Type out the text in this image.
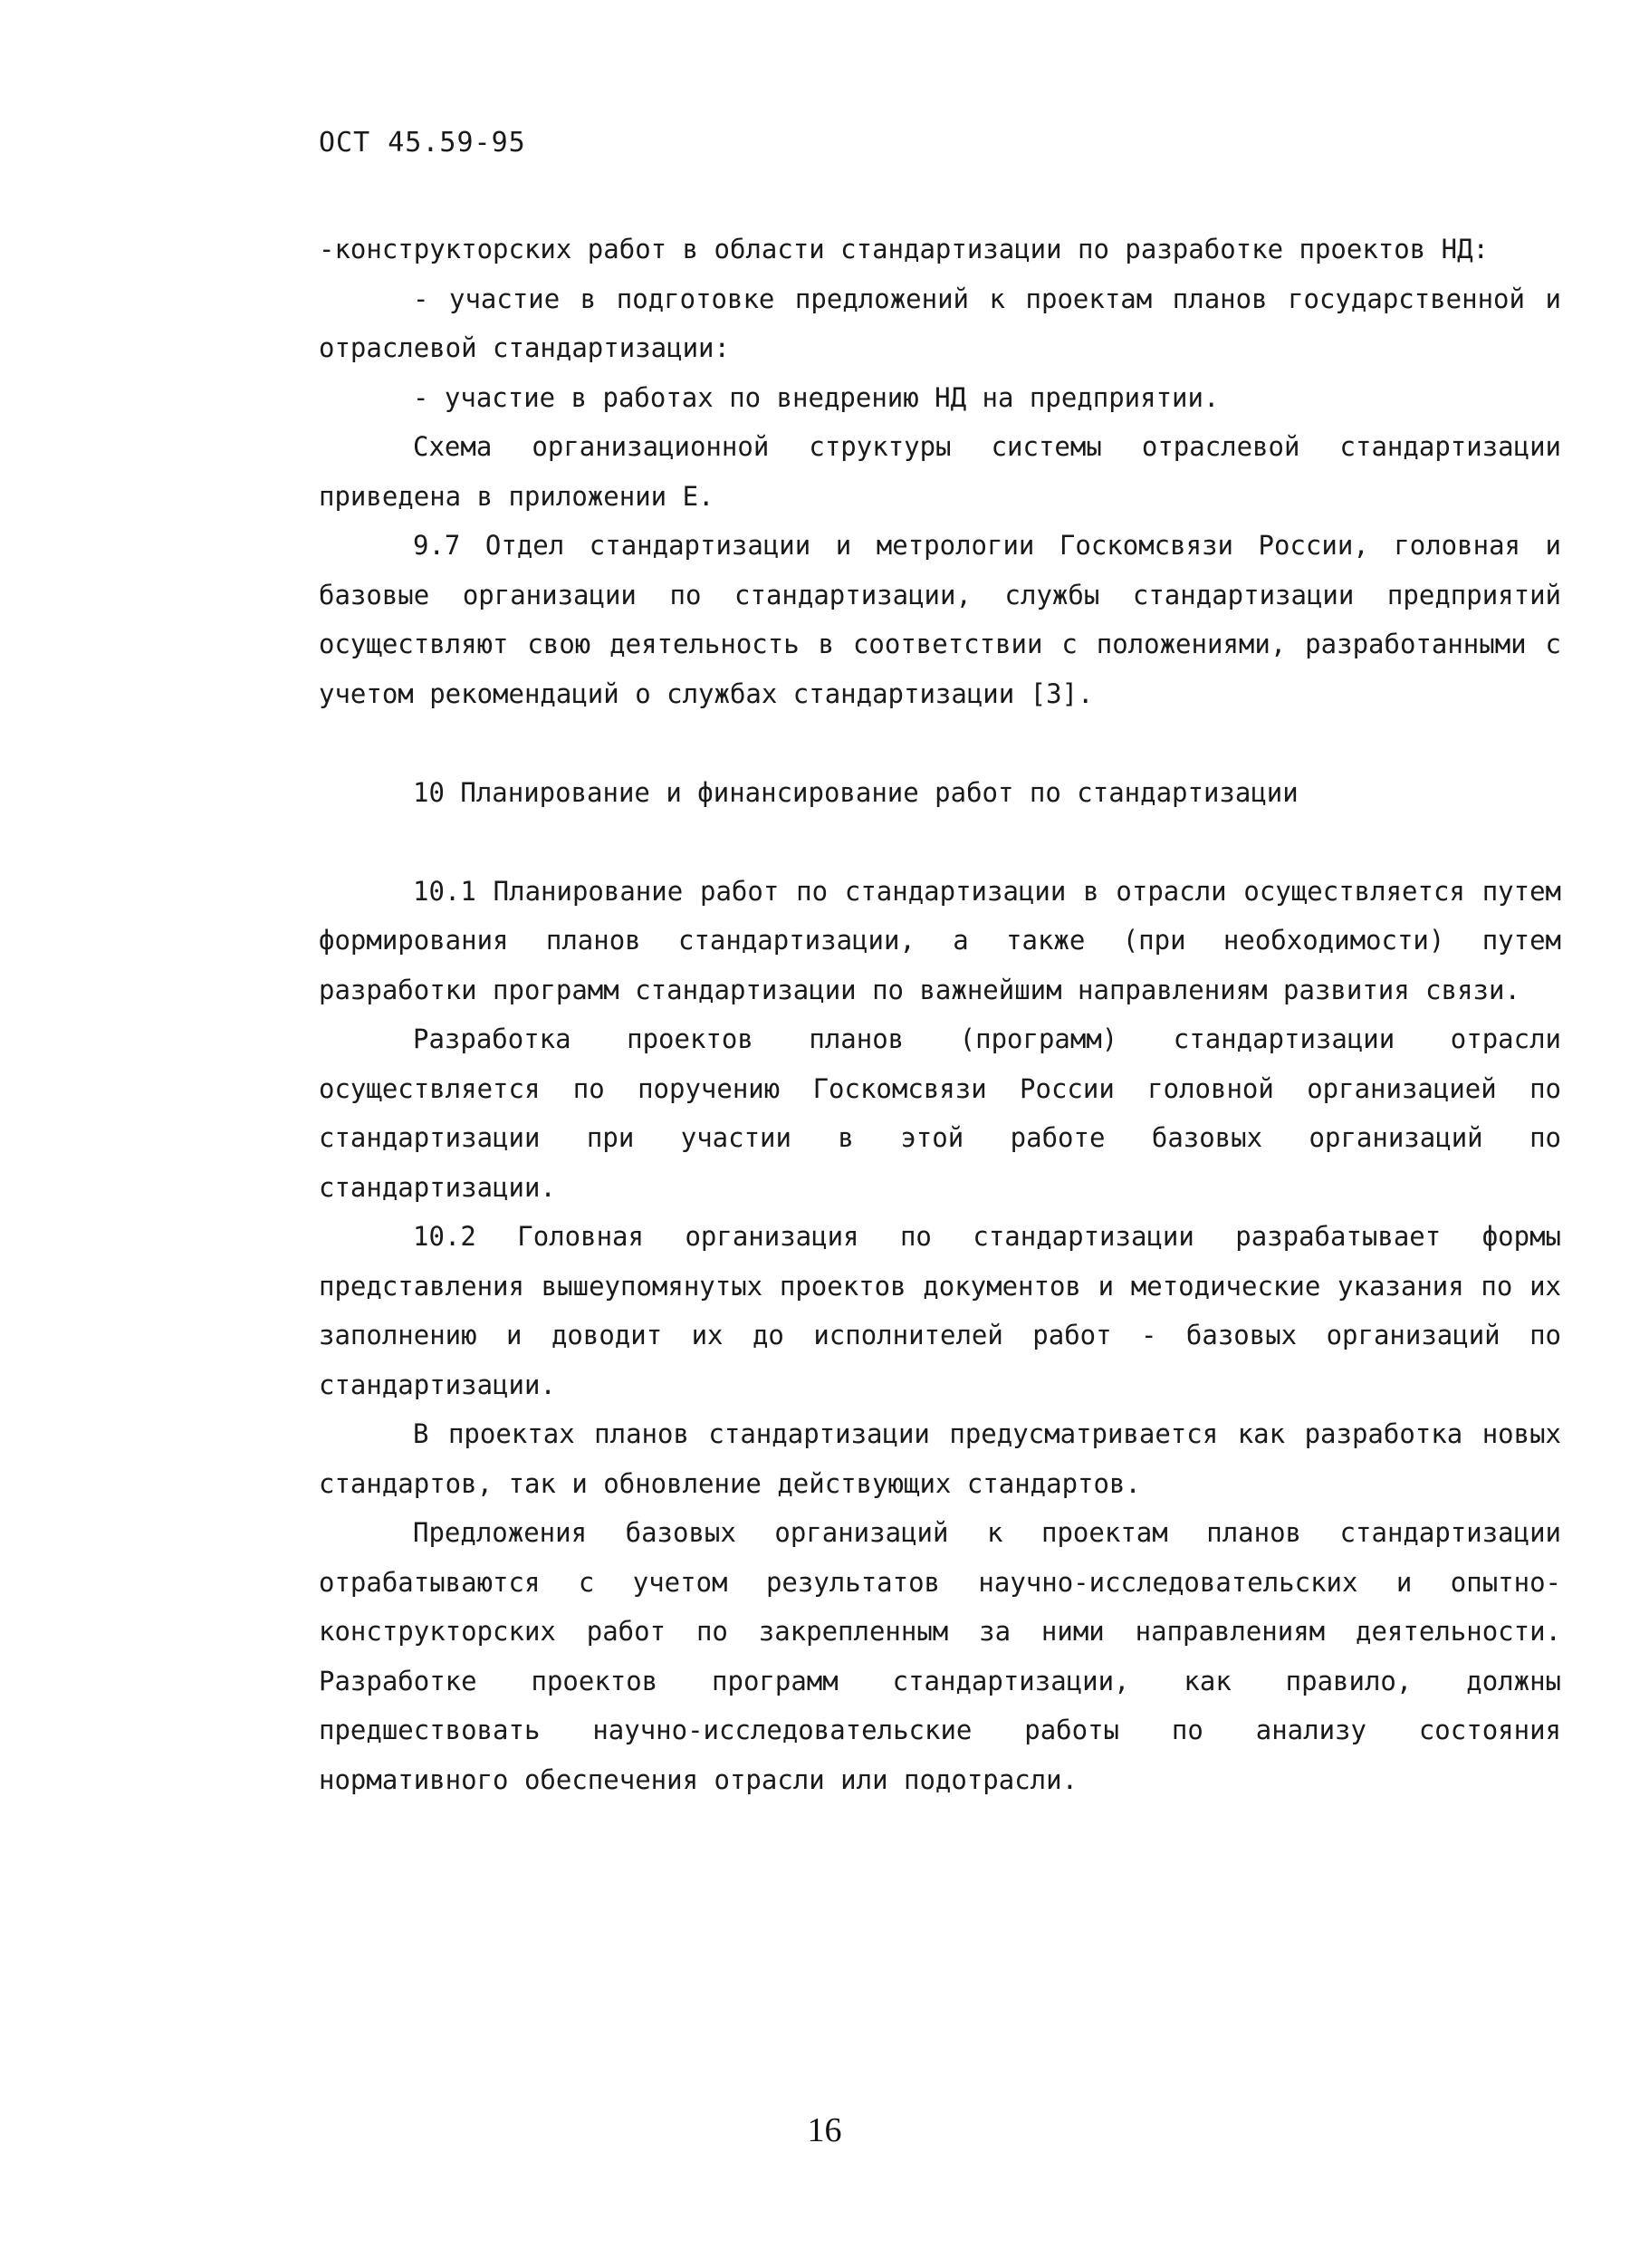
ОСТ 45.59-95

-конструкторских работ в области стандартизации по разработке проектов НД:

- участие в подготовке предложений к проектам планов государственной и отраслевой стандартизации:

- участие в работах по внедрению НД на предприятии.

Схема организационной структуры системы отраслевой стандартизации приведена в приложении Е.

9.7 Отдел стандартизации и метрологии Госкомсвязи России, головная и базовые организации по стандартизации, службы стандартизации предприятий осуществляют свою деятельность в соответствии с положениями, разработанными с учетом рекомендаций о службах стандартизации [3].

10 Планирование и финансирование работ по стандартизации

10.1 Планирование работ по стандартизации в отрасли осуществляется путем формирования планов стандартизации, а также (при необходимости) путем разработки программ стандартизации по важнейшим направлениям развития связи.

Разработка проектов планов (программ) стандартизации отрасли осуществляется по поручению Госкомсвязи России головной организацией по стандартизации при участии в этой работе базовых организаций по стандартизации.

10.2 Головная организация по стандартизации разрабатывает формы представления вышеупомянутых проектов документов и методические указания по их заполнению и доводит их до исполнителей работ - базовых организаций по стандартизации.

В проектах планов стандартизации предусматривается как разработка новых стандартов, так и обновление действующих стандартов.

Предложения базовых организаций к проектам планов стандартизации отрабатываются с учетом результатов научно-исследовательских и опытно-конструкторских работ по закрепленным за ними направлениям деятельности. Разработке проектов программ стандартизации, как правило, должны предшествовать научно-исследовательские работы по анализу состояния нормативного обеспечения отрасли или подотрасли.

16
